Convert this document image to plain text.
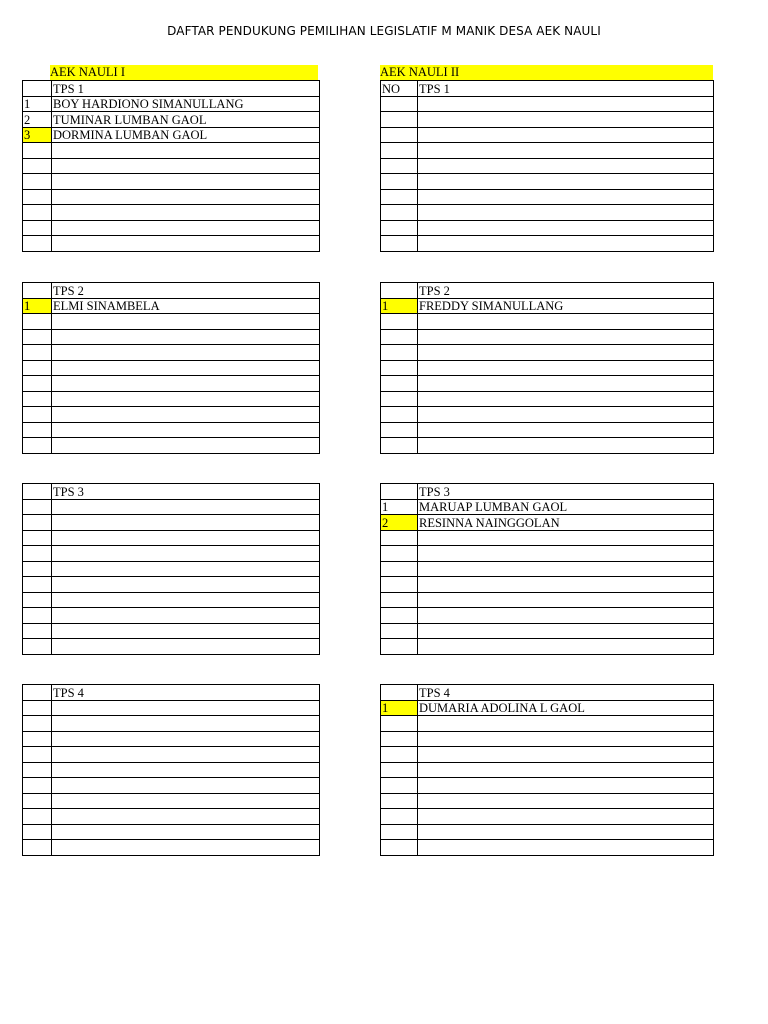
DAFTAR PENDUKUNG PEMILIHAN LEGISLATIF M MANIK DESA AEK NAULI
AEK NAULI I
	TPS 1
1	BOY HARDIONO SIMANULLANG
2	TUMINAR LUMBAN GAOL
3	DORMINA LUMBAN GAOL

	TPS 2
1	ELMI SINAMBELA

	TPS 3

	TPS 4

AEK NAULI II
NO	TPS 1

	TPS 2
1	FREDDY SIMANULLANG

	TPS 3
1	MARUAP LUMBAN GAOL
2	RESINNA NAINGGOLAN

	TPS 4
1	DUMARIA ADOLINA L GAOL
